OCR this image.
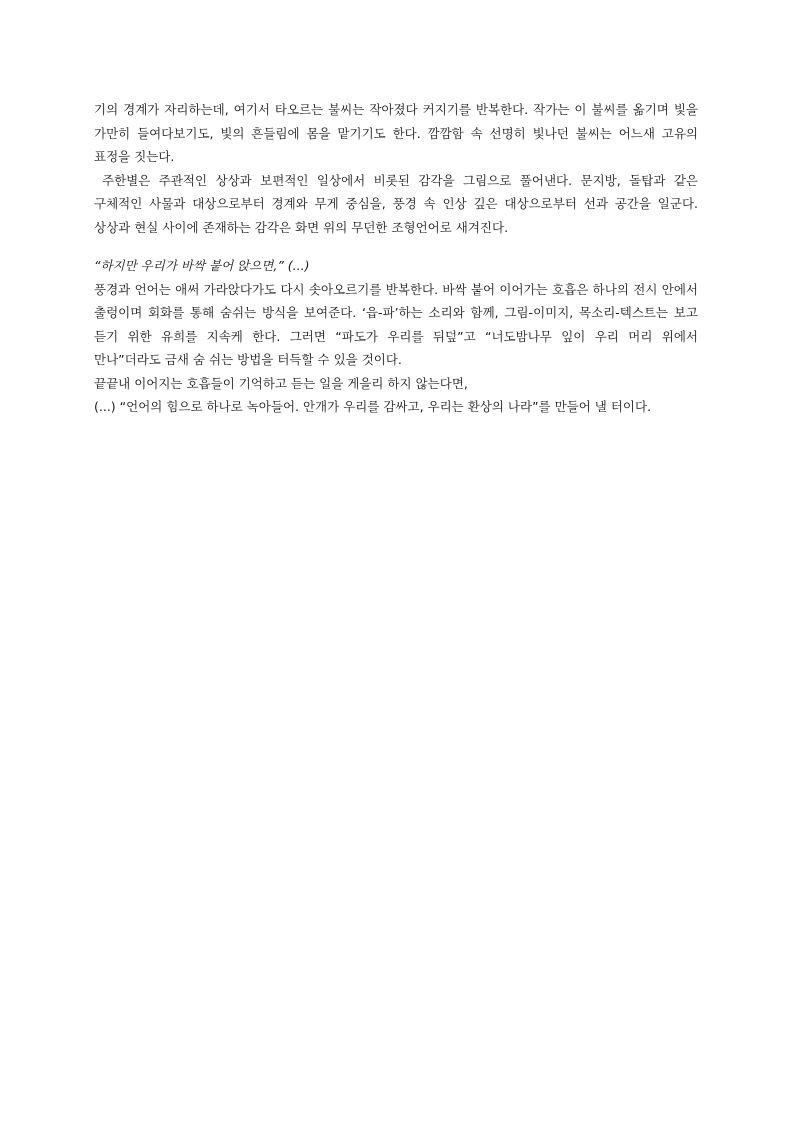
기의 경계가 자리하는데, 여기서 타오르는 불씨는 작아졌다 커지기를 반복한다. 작가는 이 불씨를 옮기며 빛을 가만히 들여다보기도, 빛의 흔들림에 몸을 맡기기도 한다. 깜깜함 속 선명히 빛나던 불씨는 어느새 고유의 표정을 짓는다.

주한별은 주관적인 상상과 보편적인 일상에서 비롯된 감각을 그림으로 풀어낸다. 문지방, 돌탑과 같은 구체적인 사물과 대상으로부터 경계와 무게 중심을, 풍경 속 인상 깊은 대상으로부터 선과 공간을 일군다. 상상과 현실 사이에 존재하는 감각은 화면 위의 무던한 조형언어로 새겨진다.

“하지만 우리가 바싹 붙어 앉으면,” (...)

풍경과 언어는 애써 가라앉다가도 다시 솟아오르기를 반복한다. 바싹 붙어 이어가는 호흡은 하나의 전시 안에서 출렁이며 회화를 통해 숨쉬는 방식을 보여준다. ‘읍-파’하는 소리와 함께, 그림-이미지, 목소리-텍스트는 보고 듣기 위한 유희를 지속케 한다. 그러면 “파도가 우리를 뒤덮”고 “너도밤나무 잎이 우리 머리 위에서 만나”더라도 금새 숨 쉬는 방법을 터득할 수 있을 것이다.

끝끝내 이어지는 호흡들이 기억하고 듣는 일을 게을리 하지 않는다면,

(...) “언어의 힘으로 하나로 녹아들어. 안개가 우리를 감싸고, 우리는 환상의 나라”를 만들어 낼 터이다.
